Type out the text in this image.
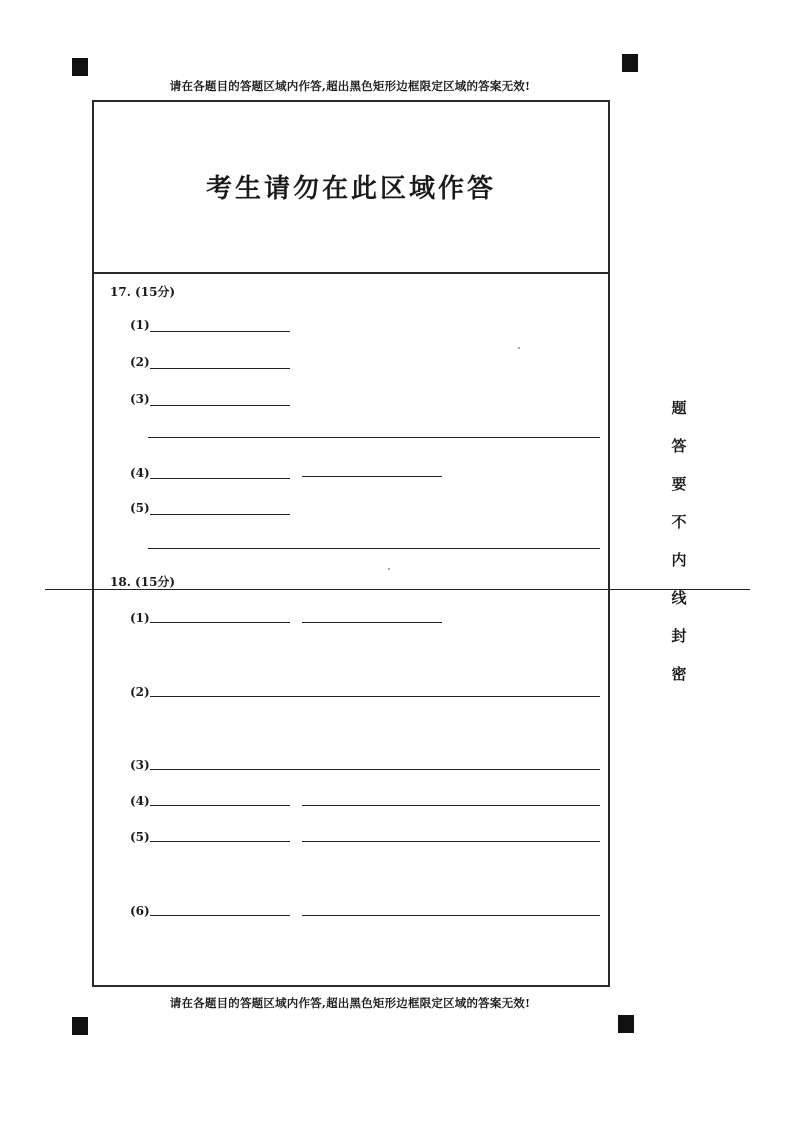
请在各题目的答题区域内作答,超出黑色矩形边框限定区域的答案无效!
考生请勿在此区域作答
17. (15分)
(1)
(2)
(3)
(4)
(5)
18. (15分)
(1)
(2)
(3)
(4)
(5)
(6)
题
答
要
不
内
线
封
密
请在各题目的答题区域内作答,超出黑色矩形边框限定区域的答案无效!
